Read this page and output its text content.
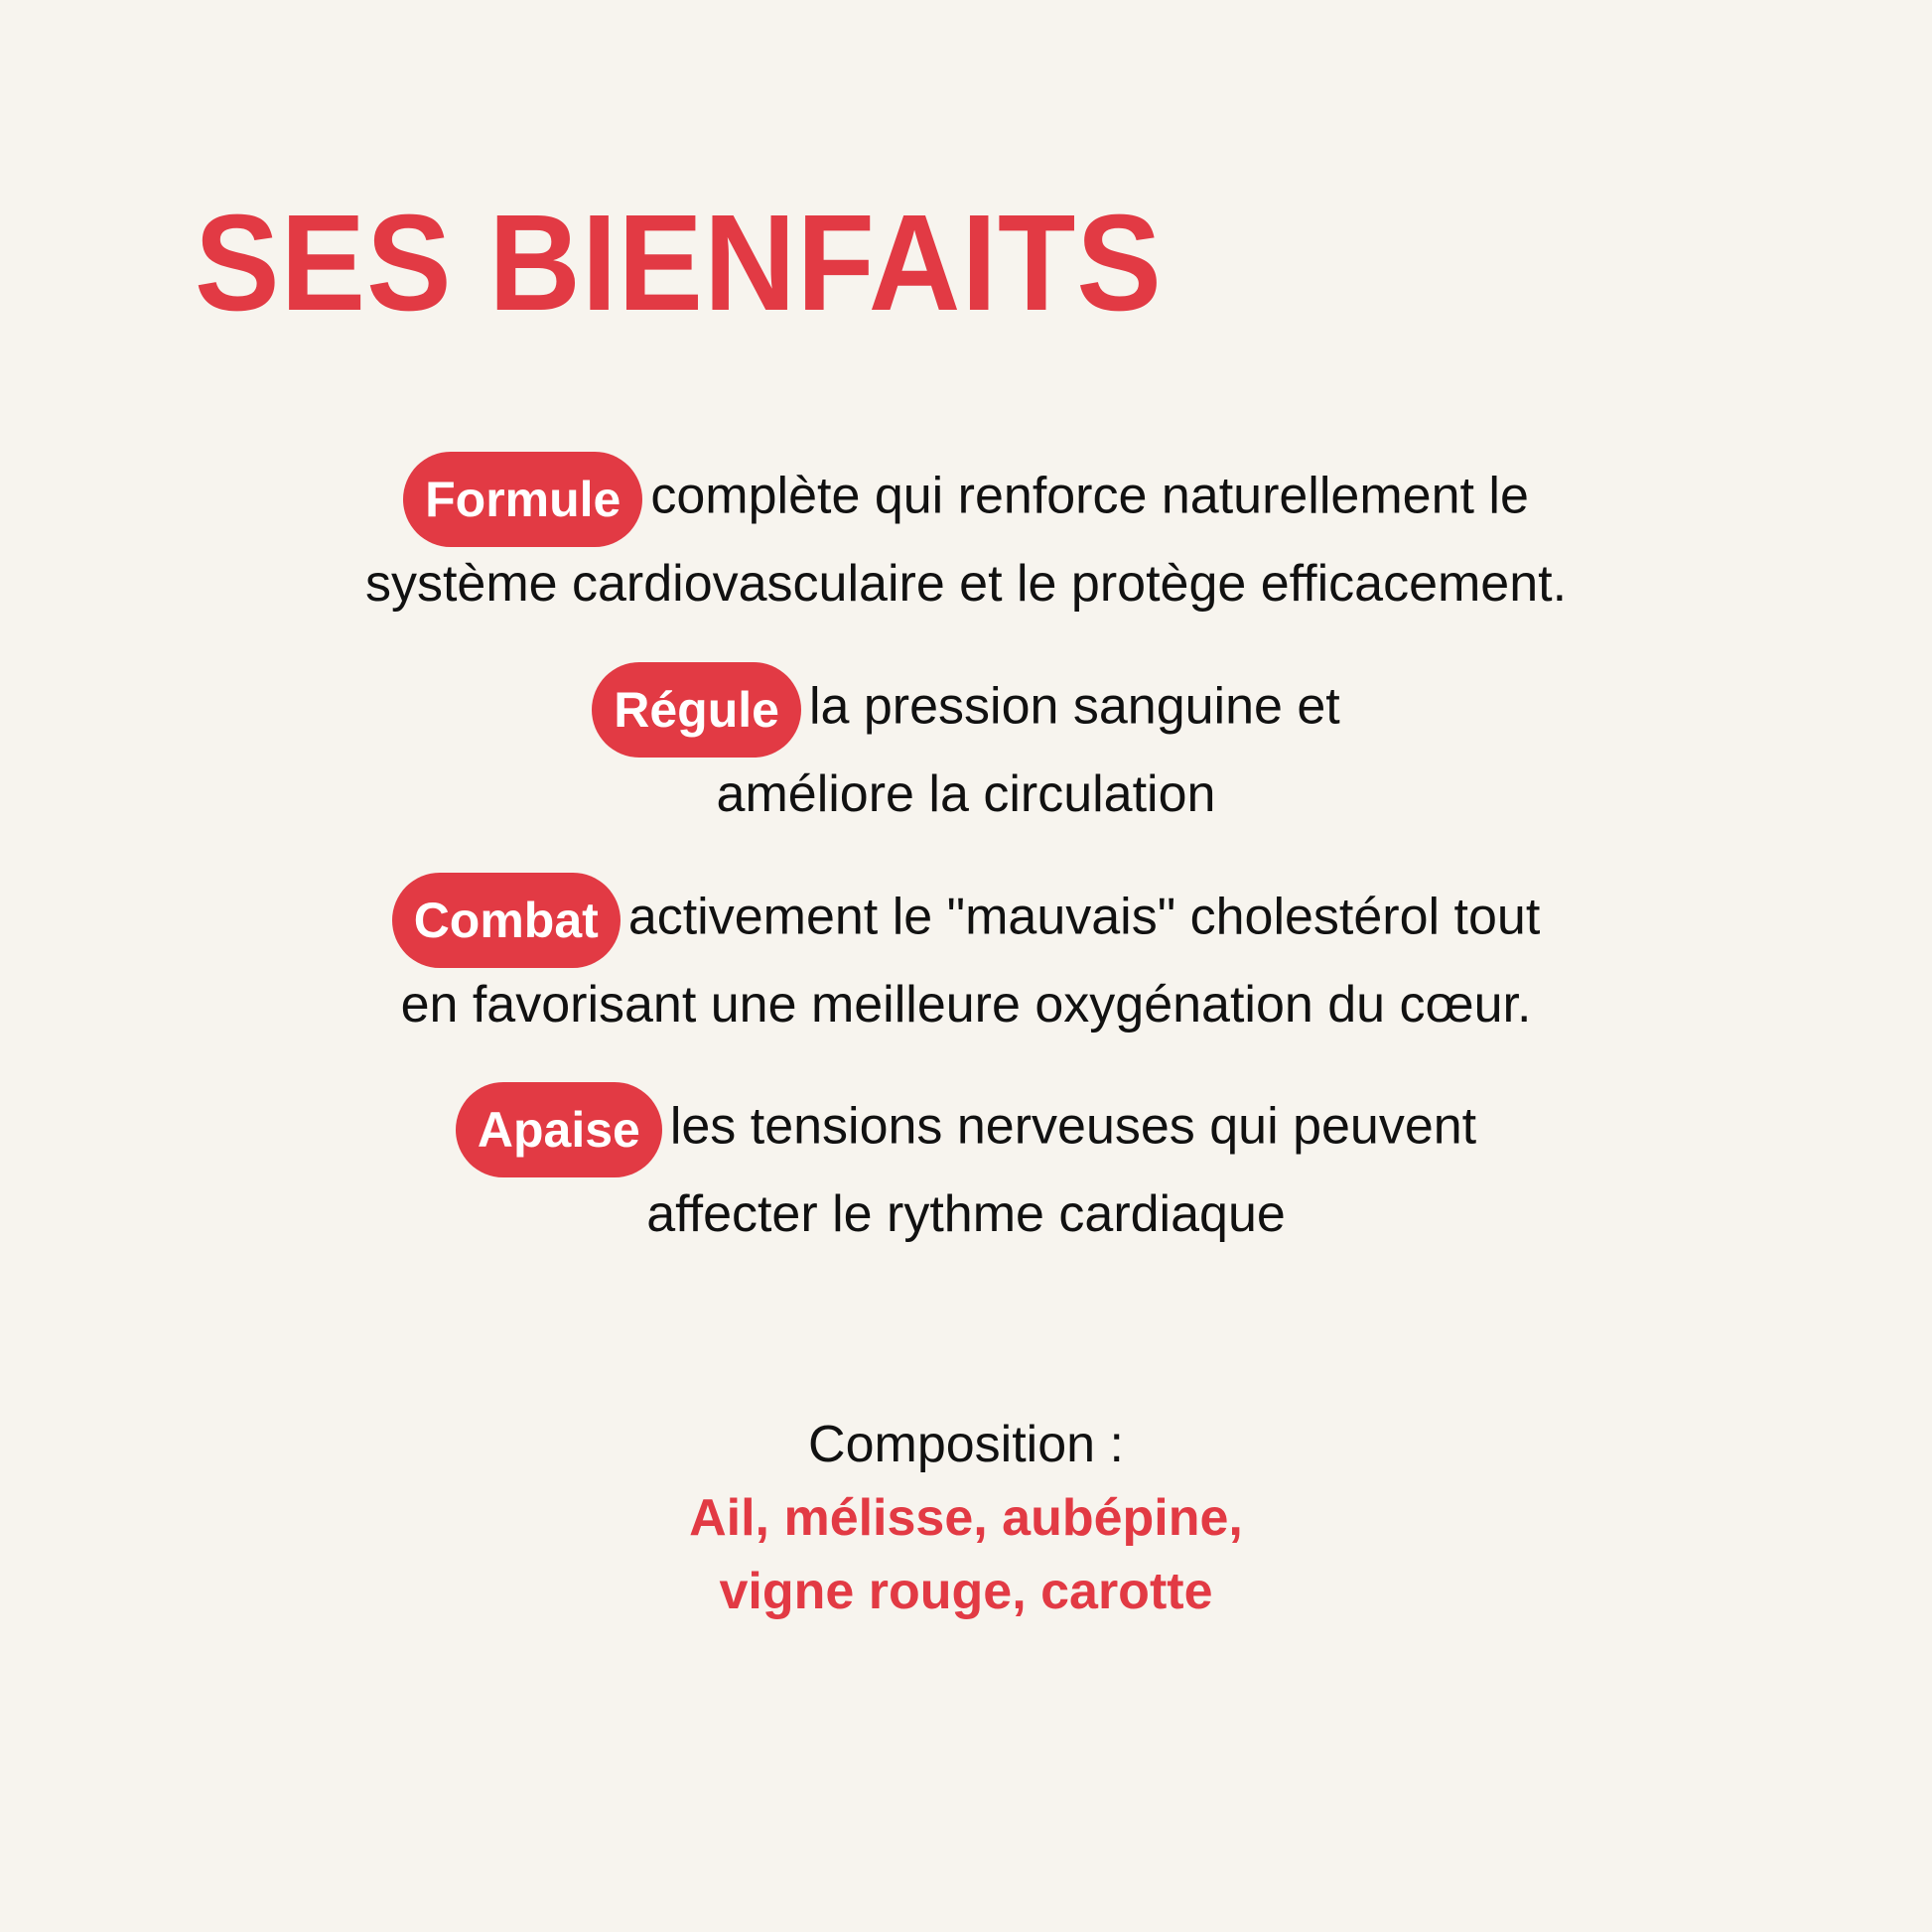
SES BIENFAITS
Formule complète qui renforce naturellement le
système cardiovasculaire et le protège efficacement.
Régule la pression sanguine et
améliore la circulation
Combat activement le "mauvais" cholestérol tout
en favorisant une meilleure oxygénation du cœur.
Apaise les tensions nerveuses qui peuvent
affecter le rythme cardiaque
Composition :
Ail, mélisse, aubépine,
vigne rouge, carotte
